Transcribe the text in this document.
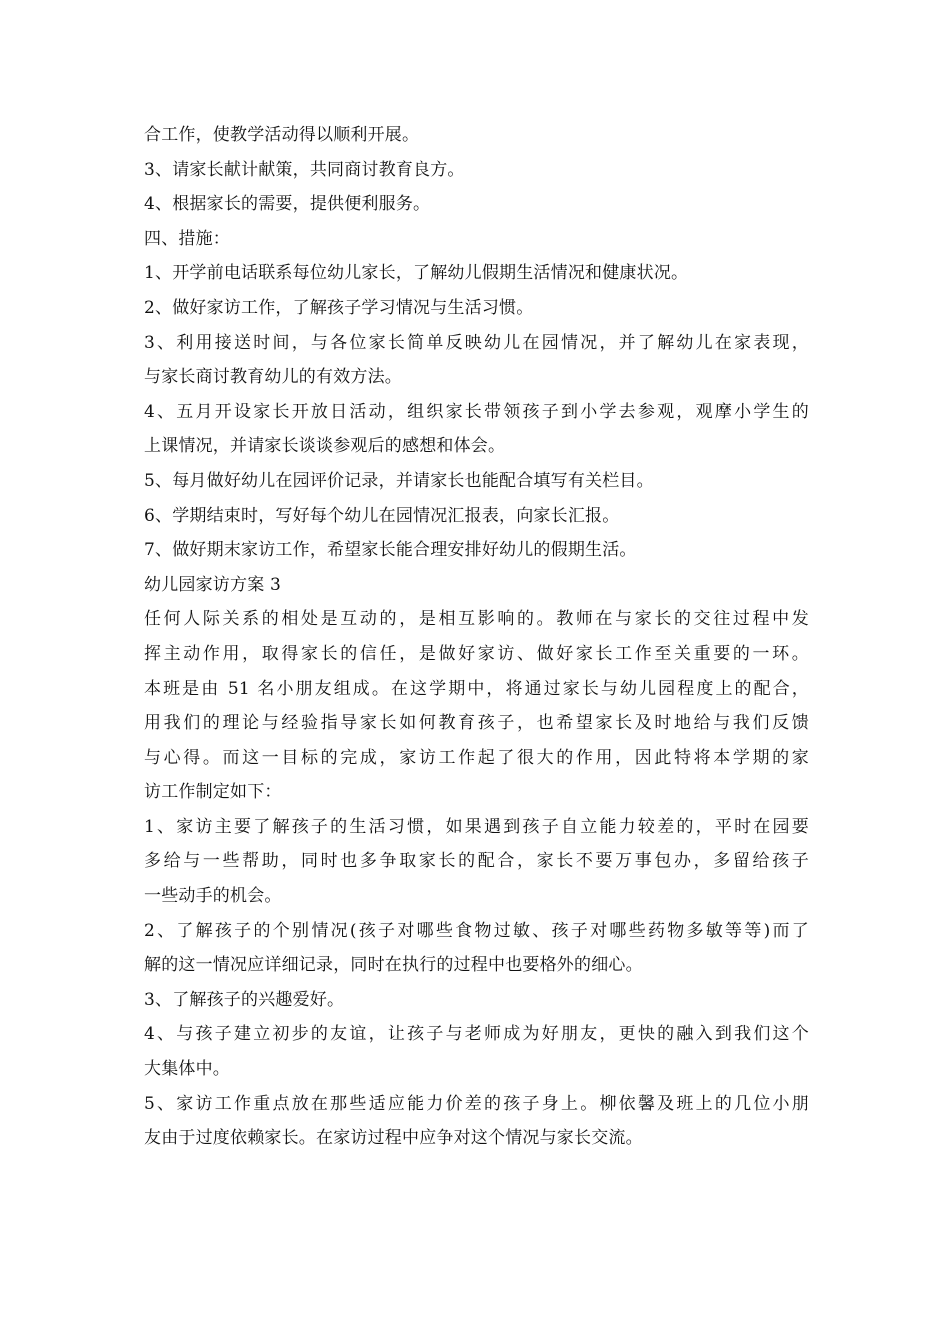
合工作，使教学活动得以顺利开展。
3、请家长献计献策，共同商讨教育良方。
4、根据家长的需要，提供便利服务。
四、措施：
1、开学前电话联系每位幼儿家长，了解幼儿假期生活情况和健康状况。
2、做好家访工作，了解孩子学习情况与生活习惯。
3、利用接送时间，与各位家长简单反映幼儿在园情况，并了解幼儿在家表现，
与家长商讨教育幼儿的有效方法。
4、五月开设家长开放日活动，组织家长带领孩子到小学去参观，观摩小学生的
上课情况，并请家长谈谈参观后的感想和体会。
5、每月做好幼儿在园评价记录，并请家长也能配合填写有关栏目。
6、学期结束时，写好每个幼儿在园情况汇报表，向家长汇报。
7、做好期末家访工作，希望家长能合理安排好幼儿的假期生活。
幼儿园家访方案 3
任何人际关系的相处是互动的，是相互影响的。教师在与家长的交往过程中发
挥主动作用，取得家长的信任，是做好家访、做好家长工作至关重要的一环。
本班是由 51 名小朋友组成。在这学期中，将通过家长与幼儿园程度上的配合，
用我们的理论与经验指导家长如何教育孩子，也希望家长及时地给与我们反馈
与心得。而这一目标的完成，家访工作起了很大的作用，因此特将本学期的家
访工作制定如下：
1、家访主要了解孩子的生活习惯，如果遇到孩子自立能力较差的，平时在园要
多给与一些帮助，同时也多争取家长的配合，家长不要万事包办，多留给孩子
一些动手的机会。
2、了解孩子的个别情况(孩子对哪些食物过敏、孩子对哪些药物多敏等等)而了
解的这一情况应详细记录，同时在执行的过程中也要格外的细心。
3、了解孩子的兴趣爱好。
4、与孩子建立初步的友谊，让孩子与老师成为好朋友，更快的融入到我们这个
大集体中。
5、家访工作重点放在那些适应能力价差的孩子身上。柳依馨及班上的几位小朋
友由于过度依赖家长。在家访过程中应争对这个情况与家长交流。
